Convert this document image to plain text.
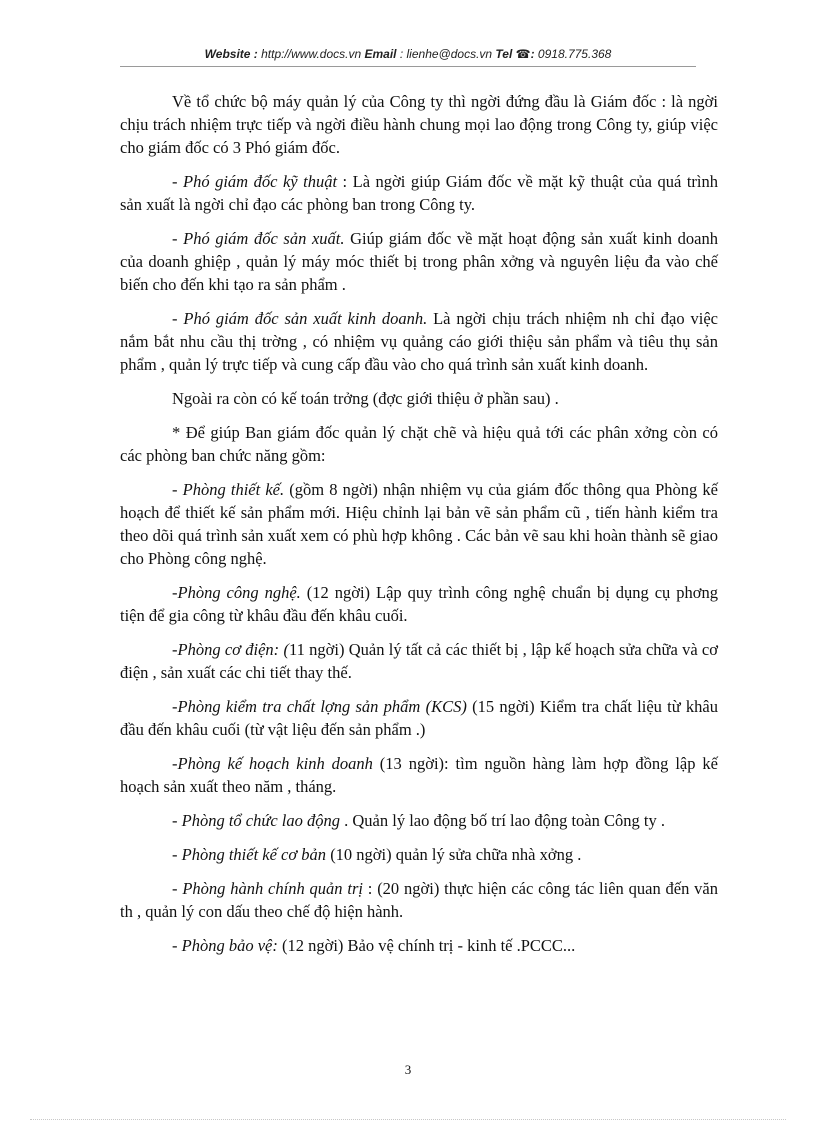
Website : http://www.docs.vn Email : lienhe@docs.vn Tel ☎: 0918.775.368

Về tổ chức bộ máy quản lý của Công ty thì ngời đứng đầu là Giám đốc : là ngời chịu trách nhiệm trực tiếp và ngời điều hành chung mọi lao động trong Công ty, giúp việc cho giám đốc có 3 Phó giám đốc.

- Phó giám đốc kỹ thuật : Là ngời giúp Giám đốc về mặt kỹ thuật của quá trình sản xuất là ngời chỉ đạo các phòng ban trong Công ty.

- Phó giám đốc sản xuất. Giúp giám đốc về mặt hoạt động sản xuất kinh doanh của doanh ghiệp , quản lý máy móc thiết bị trong phân xởng và nguyên liệu đa vào chế biến cho đến khi tạo ra sản phẩm .

- Phó giám đốc sản xuất kinh doanh. Là ngời chịu trách nhiệm nh chỉ đạo việc nắm bắt nhu cầu thị trờng , có nhiệm vụ quảng cáo giới thiệu sản phẩm và tiêu thụ sản phẩm , quản lý trực tiếp và cung cấp đầu vào cho quá trình sản xuất kinh doanh.

Ngoài ra còn có kế toán trởng (đợc giới thiệu ở phần sau) .

* Để giúp Ban giám đốc quản lý chặt chẽ và hiệu quả tới các phân xởng còn có các phòng ban chức năng gồm:

- Phòng thiết kế. (gồm 8 ngời) nhận nhiệm vụ của giám đốc thông qua Phòng kế hoạch để thiết kế sản phẩm mới. Hiệu chỉnh lại bản vẽ sản phẩm cũ , tiến hành kiểm tra theo dõi quá trình sản xuất xem có phù hợp không . Các bản vẽ sau khi hoàn thành sẽ giao cho Phòng công nghệ.

-Phòng công nghệ. (12 ngời) Lập quy trình công nghệ chuẩn bị dụng cụ phơng tiện để gia công từ khâu đầu đến khâu cuối.

-Phòng cơ điện: (11 ngời) Quản lý tất cả các thiết bị , lập kế hoạch sửa chữa và cơ điện , sản xuất các chi tiết thay thế.

-Phòng kiểm tra chất lợng sản phẩm (KCS) (15 ngời) Kiểm tra chất liệu từ khâu đầu đến khâu cuối (từ vật liệu đến sản phẩm .)

-Phòng kế hoạch kinh doanh (13 ngời): tìm nguồn hàng làm hợp đồng lập kế hoạch sản xuất theo năm , tháng.

- Phòng tổ chức lao động . Quản lý lao động bố trí lao động toàn Công ty .

- Phòng thiết kế cơ bản (10 ngời) quản lý sửa chữa nhà xởng .

- Phòng hành chính quản trị : (20 ngời) thực hiện các công tác liên quan đến văn th , quản lý con dấu theo chế độ hiện hành.

- Phòng bảo vệ: (12 ngời) Bảo vệ chính trị - kinh tế .PCCC...

3
